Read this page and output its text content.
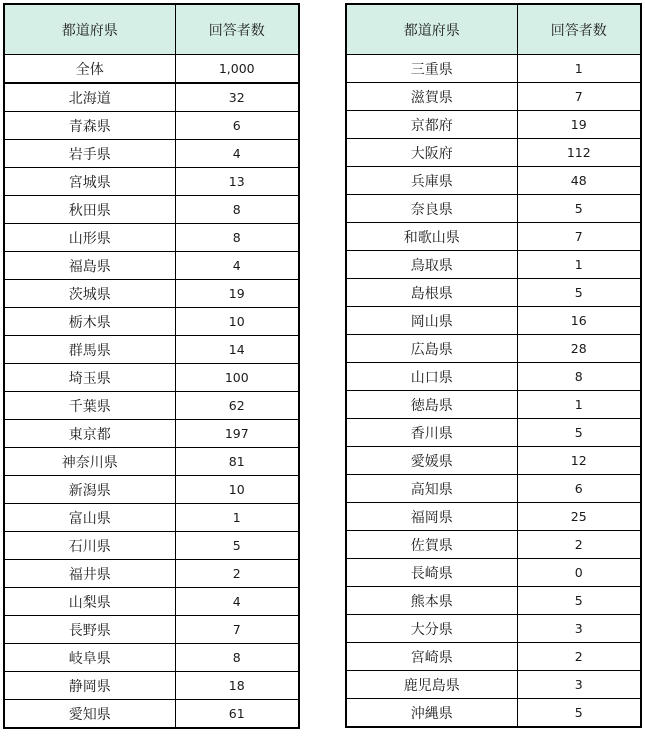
都道府県	回答者数
全体	1,000
北海道	32
青森県	6
岩手県	4
宮城県	13
秋田県	8
山形県	8
福島県	4
茨城県	19
栃木県	10
群馬県	14
埼玉県	100
千葉県	62
東京都	197
神奈川県	81
新潟県	10
富山県	1
石川県	5
福井県	2
山梨県	4
長野県	7
岐阜県	8
静岡県	18
愛知県	61
都道府県	回答者数
三重県	1
滋賀県	7
京都府	19
大阪府	112
兵庫県	48
奈良県	5
和歌山県	7
鳥取県	1
島根県	5
岡山県	16
広島県	28
山口県	8
徳島県	1
香川県	5
愛媛県	12
高知県	6
福岡県	25
佐賀県	2
長崎県	0
熊本県	5
大分県	3
宮崎県	2
鹿児島県	3
沖縄県	5
